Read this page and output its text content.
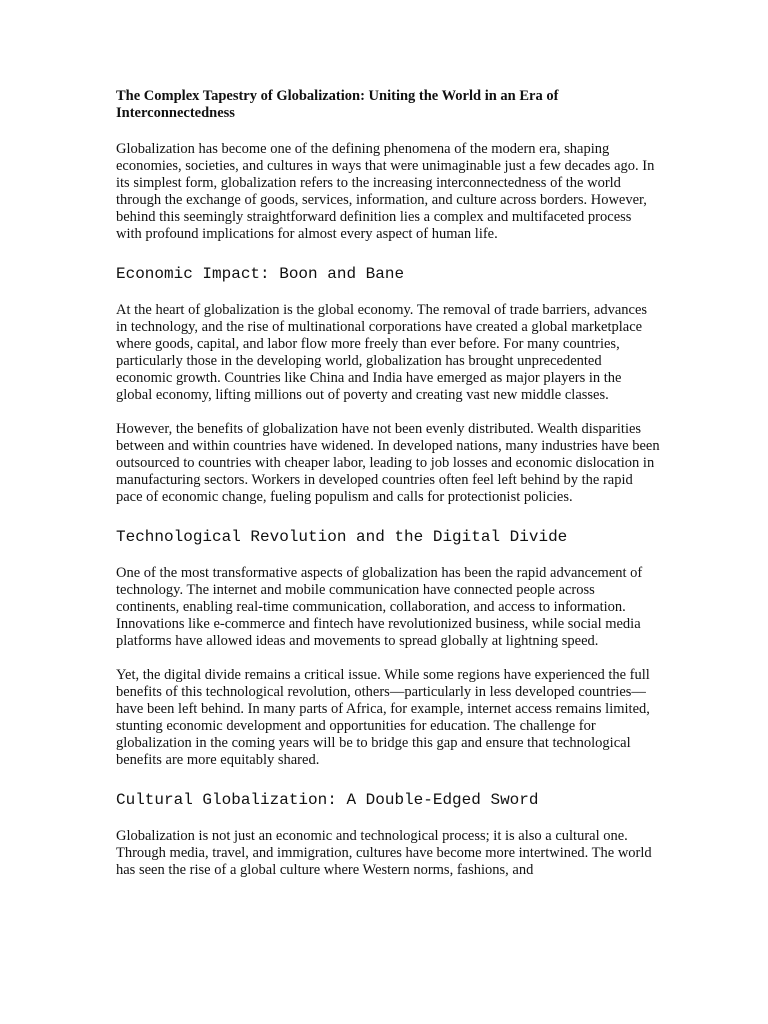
The Complex Tapestry of Globalization: Uniting the World in an Era of Interconnectedness

Globalization has become one of the defining phenomena of the modern era, shaping economies, societies, and cultures in ways that were unimaginable just a few decades ago. In its simplest form, globalization refers to the increasing interconnectedness of the world through the exchange of goods, services, information, and culture across borders. However, behind this seemingly straightforward definition lies a complex and multifaceted process with profound implications for almost every aspect of human life.

Economic Impact: Boon and Bane

At the heart of globalization is the global economy. The removal of trade barriers, advances in technology, and the rise of multinational corporations have created a global marketplace where goods, capital, and labor flow more freely than ever before. For many countries, particularly those in the developing world, globalization has brought unprecedented economic growth. Countries like China and India have emerged as major players in the global economy, lifting millions out of poverty and creating vast new middle classes.

However, the benefits of globalization have not been evenly distributed. Wealth disparities between and within countries have widened. In developed nations, many industries have been outsourced to countries with cheaper labor, leading to job losses and economic dislocation in manufacturing sectors. Workers in developed countries often feel left behind by the rapid pace of economic change, fueling populism and calls for protectionist policies.

Technological Revolution and the Digital Divide

One of the most transformative aspects of globalization has been the rapid advancement of technology. The internet and mobile communication have connected people across continents, enabling real-time communication, collaboration, and access to information. Innovations like e-commerce and fintech have revolutionized business, while social media platforms have allowed ideas and movements to spread globally at lightning speed.

Yet, the digital divide remains a critical issue. While some regions have experienced the full benefits of this technological revolution, others—particularly in less developed countries—have been left behind. In many parts of Africa, for example, internet access remains limited, stunting economic development and opportunities for education. The challenge for globalization in the coming years will be to bridge this gap and ensure that technological benefits are more equitably shared.

Cultural Globalization: A Double-Edged Sword

Globalization is not just an economic and technological process; it is also a cultural one. Through media, travel, and immigration, cultures have become more intertwined. The world has seen the rise of a global culture where Western norms, fashions, and
